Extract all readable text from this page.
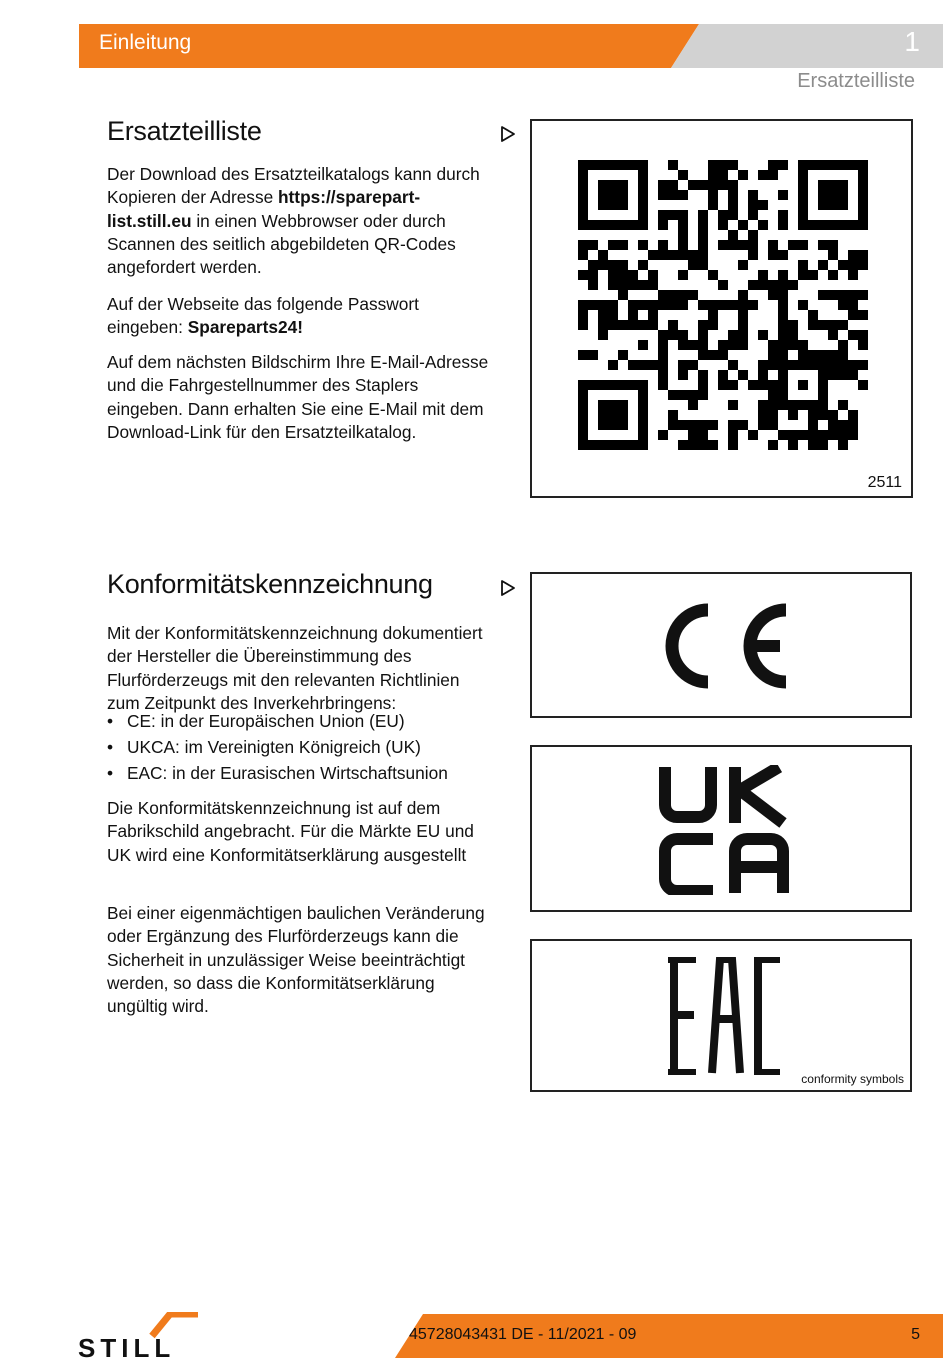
Einleitung	1
Ersatzteilliste
Ersatzteilliste

Der Download des Ersatzteilkatalogs kann durch Kopieren der Adresse https://sparepart-list.still.eu in einen Webbrowser oder durch Scannen des seitlich abgebildeten QR-Codes angefordert werden.

Auf der Webseite das folgende Passwort eingeben: Spareparts24!

Auf dem nächsten Bildschirm Ihre E-Mail-Adresse und die Fahrgestellnummer des Staplers eingeben. Dann erhalten Sie eine E-Mail mit dem Download-Link für den Ersatzteilkatalog.

2511
Konformitätskennzeichnung

Mit der Konformitätskennzeichnung dokumentiert der Hersteller die Übereinstimmung des Flurförderzeugs mit den relevanten Richtlinien zum Zeitpunkt des Inverkehrbringens:

• CE: in der Europäischen Union (EU)
• UKCA: im Vereinigten Königreich (UK)
• EAC: in der Eurasischen Wirtschaftsunion

Die Konformitätskennzeichnung ist auf dem Fabrikschild angebracht. Für die Märkte EU und UK wird eine Konformitätserklärung ausgestellt

Bei einer eigenmächtigen baulichen Veränderung oder Ergänzung des Flurförderzeugs kann die Sicherheit in unzulässiger Weise beeinträchtigt werden, so dass die Konformitätserklärung ungültig wird.

conformity symbols
STILL	45728043431 DE - 11/2021 - 09	5
